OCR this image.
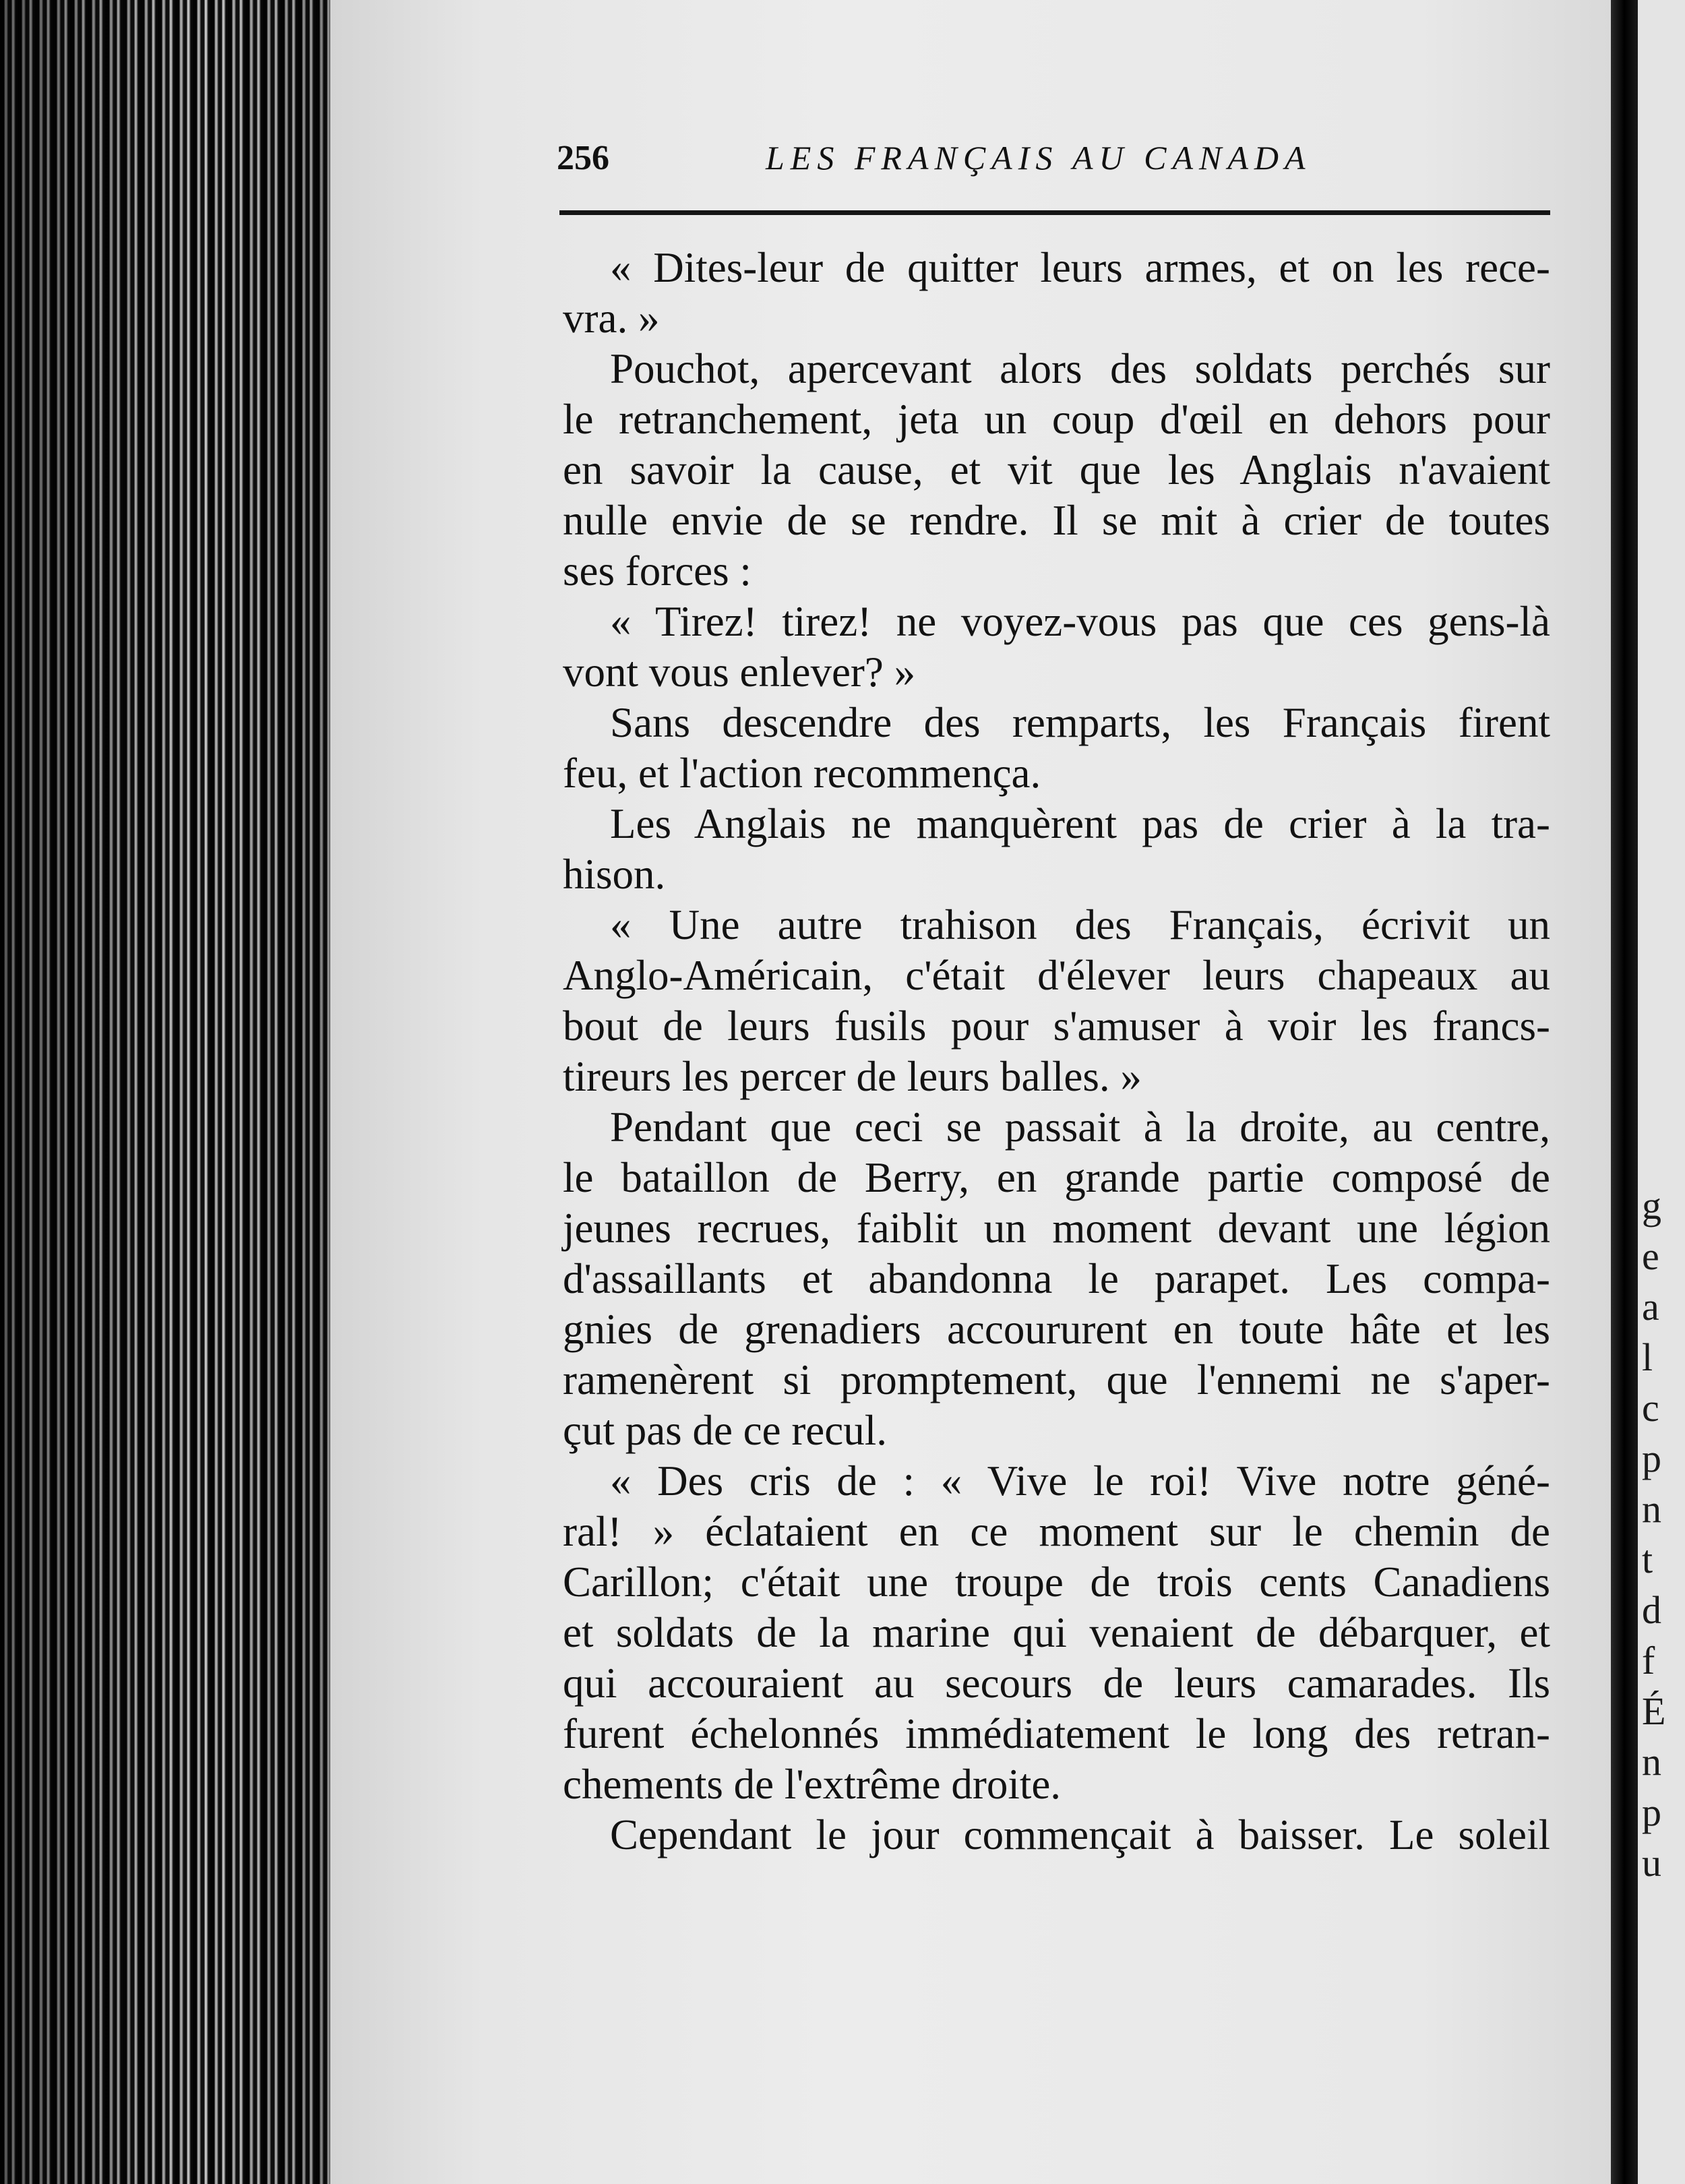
g
e
a
l
c
p
n
t
d
f
É
n
p
u
256	LES FRANÇAIS AU CANADA
« Dites-leur de quitter leurs armes, et on les rece-
vra. »
Pouchot, apercevant alors des soldats perchés sur
le retranchement, jeta un coup d'œil en dehors pour
en savoir la cause, et vit que les Anglais n'avaient
nulle envie de se rendre. Il se mit à crier de toutes
ses forces :
« Tirez! tirez! ne voyez-vous pas que ces gens-là
vont vous enlever? »
Sans descendre des remparts, les Français firent
feu, et l'action recommença.
Les Anglais ne manquèrent pas de crier à la tra-
hison.
« Une autre trahison des Français, écrivit un
Anglo-Américain, c'était d'élever leurs chapeaux au
bout de leurs fusils pour s'amuser à voir les francs-
tireurs les percer de leurs balles. »
Pendant que ceci se passait à la droite, au centre,
le bataillon de Berry, en grande partie composé de
jeunes recrues, faiblit un moment devant une légion
d'assaillants et abandonna le parapet. Les compa-
gnies de grenadiers accoururent en toute hâte et les
ramenèrent si promptement, que l'ennemi ne s'aper-
çut pas de ce recul.
« Des cris de : « Vive le roi! Vive notre géné-
ral! » éclataient en ce moment sur le chemin de
Carillon; c'était une troupe de trois cents Canadiens
et soldats de la marine qui venaient de débarquer, et
qui accouraient au secours de leurs camarades. Ils
furent échelonnés immédiatement le long des retran-
chements de l'extrême droite.
Cependant le jour commençait à baisser. Le soleil
